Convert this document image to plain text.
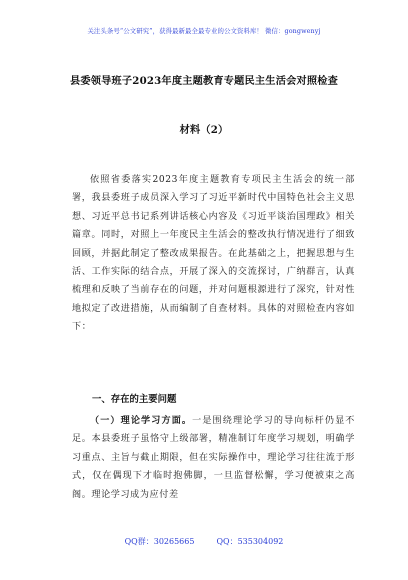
关注头条号“公文研究”，获得最新最全最专业的公文资料库！ 微信：gongwenyj
县委领导班子2023年度主题教育专题民主生活会对照检查
材料（2）
依照省委落实2023年度主题教育专项民主生活会的统一部署，我县委班子成员深入学习了习近平新时代中国特色社会主义思想、习近平总书记系列讲话核心内容及《习近平谈治国理政》相关篇章。同时，对照上一年度民主生活会的整改执行情况进行了细致回顾，并据此制定了整改成果报告。在此基础之上，把握思想与生活、工作实际的结合点，开展了深入的交流探讨，广纳群言，认真梳理和反映了当前存在的问题，并对问题根源进行了深究，针对性地拟定了改进措施，从而编制了自查材料。具体的对照检查内容如下：
一、存在的主要问题
（一）理论学习方面。一是围绕理论学习的导向标杆仍显不足。本县委班子虽恪守上级部署，精准制订年度学习规划，明确学习重点、主旨与截止期限，但在实际操作中，理论学习往往流于形式，仅在偶现下才临时抱佛脚，一旦监督松懈，学习便被束之高阁。理论学习成为应付差
QQ群：30265665	QQ：535304092
